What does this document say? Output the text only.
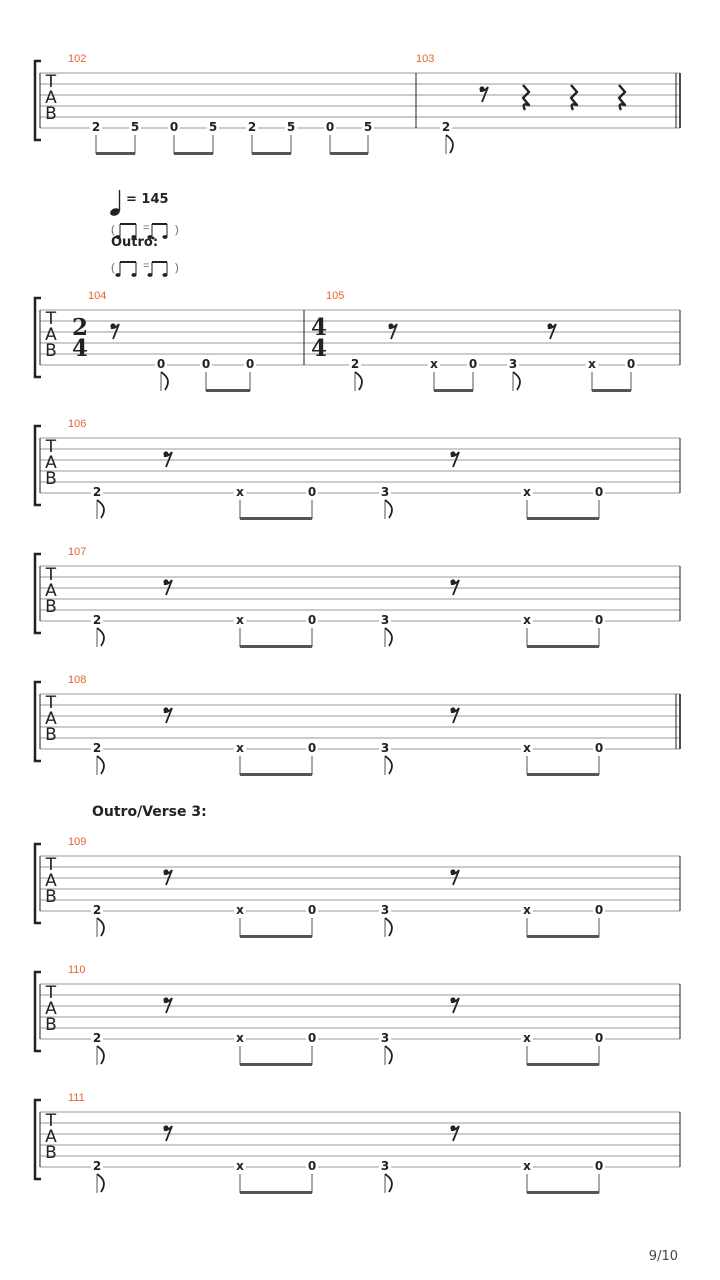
T
A
B
102
2	5	0	5	2	5	0 5
103
2
T
A
B
104
2
4
0	0	0
105
4
4
2	x	0	3	x	0
T
A
B
106
2	x	0	3	x	0
T
A
B
107
2	x	0	3	x	0
T
A
B
108
2	x	0	3	x	0
T
A
B
109
2	x	0	3	x	0
T
A
B
110
2	x	0	3	x	0
T
A
B
111
2	x	0	3	x	0
= 145
(	= )
(	= )
Outro:
Outro/Verse 3:
9/10
